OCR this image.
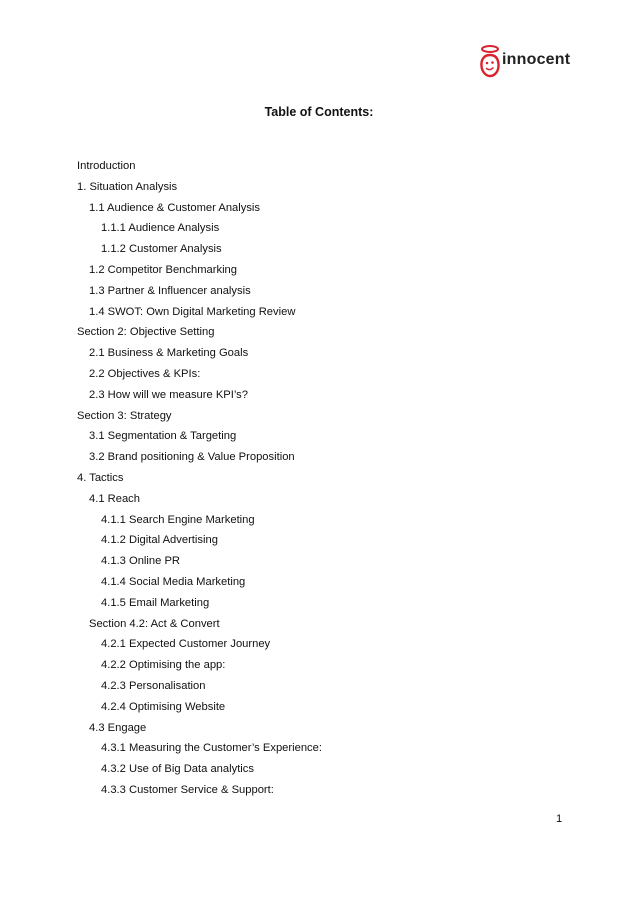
innocent
Table of Contents:
Introduction
1. Situation Analysis
1.1 Audience & Customer Analysis
1.1.1 Audience Analysis
1.1.2 Customer Analysis
1.2 Competitor Benchmarking
1.3 Partner & Influencer analysis
1.4 SWOT: Own Digital Marketing Review
Section 2: Objective Setting
2.1 Business & Marketing Goals
2.2 Objectives & KPIs:
2.3 How will we measure KPI’s?
Section 3: Strategy
3.1 Segmentation & Targeting
3.2 Brand positioning & Value Proposition
4. Tactics
4.1 Reach
4.1.1 Search Engine Marketing
4.1.2 Digital Advertising
4.1.3 Online PR
4.1.4 Social Media Marketing
4.1.5 Email Marketing
Section 4.2: Act & Convert
4.2.1 Expected Customer Journey
4.2.2 Optimising the app:
4.2.3 Personalisation
4.2.4 Optimising Website
4.3 Engage
4.3.1 Measuring the Customer’s Experience:
4.3.2 Use of Big Data analytics
4.3.3 Customer Service & Support:
1
